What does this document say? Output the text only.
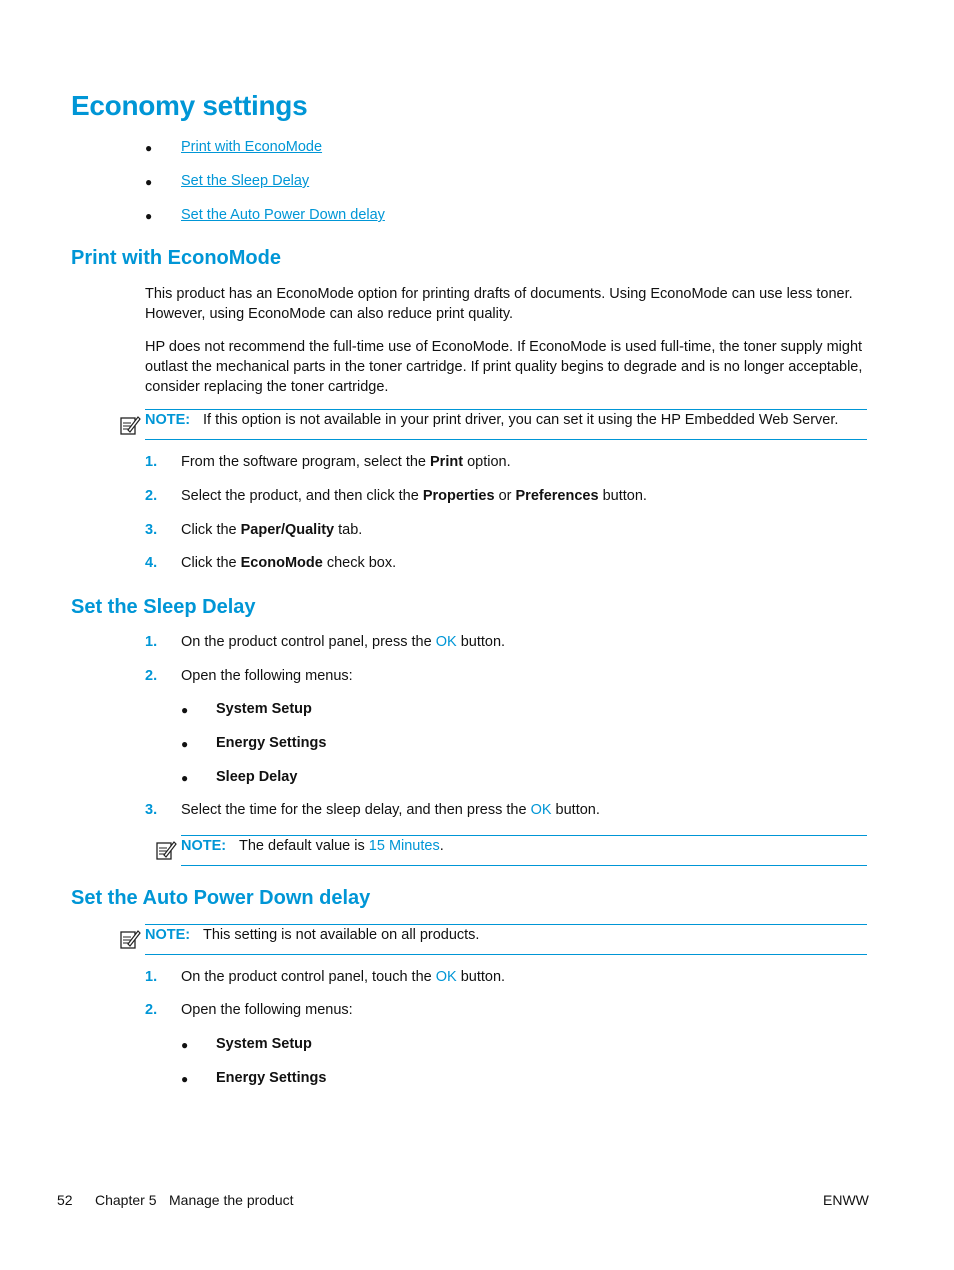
Economy settings
● Print with EconoMode
● Set the Sleep Delay
● Set the Auto Power Down delay
Print with EconoMode
This product has an EconoMode option for printing drafts of documents. Using EconoMode can use less toner. However, using EconoMode can also reduce print quality.
HP does not recommend the full-time use of EconoMode. If EconoMode is used full-time, the toner supply might outlast the mechanical parts in the toner cartridge. If print quality begins to degrade and is no longer acceptable, consider replacing the toner cartridge.
NOTE: If this option is not available in your print driver, you can set it using the HP Embedded Web Server.
1. From the software program, select the Print option.
2. Select the product, and then click the Properties or Preferences button.
3. Click the Paper/Quality tab.
4. Click the EconoMode check box.
Set the Sleep Delay
1. On the product control panel, press the OK button.
2. Open the following menus:
● System Setup
● Energy Settings
● Sleep Delay
3. Select the time for the sleep delay, and then press the OK button.
NOTE: The default value is 15 Minutes.
Set the Auto Power Down delay
NOTE: This setting is not available on all products.
1. On the product control panel, touch the OK button.
2. Open the following menus:
● System Setup
● Energy Settings
52 Chapter 5 Manage the product	ENWW
